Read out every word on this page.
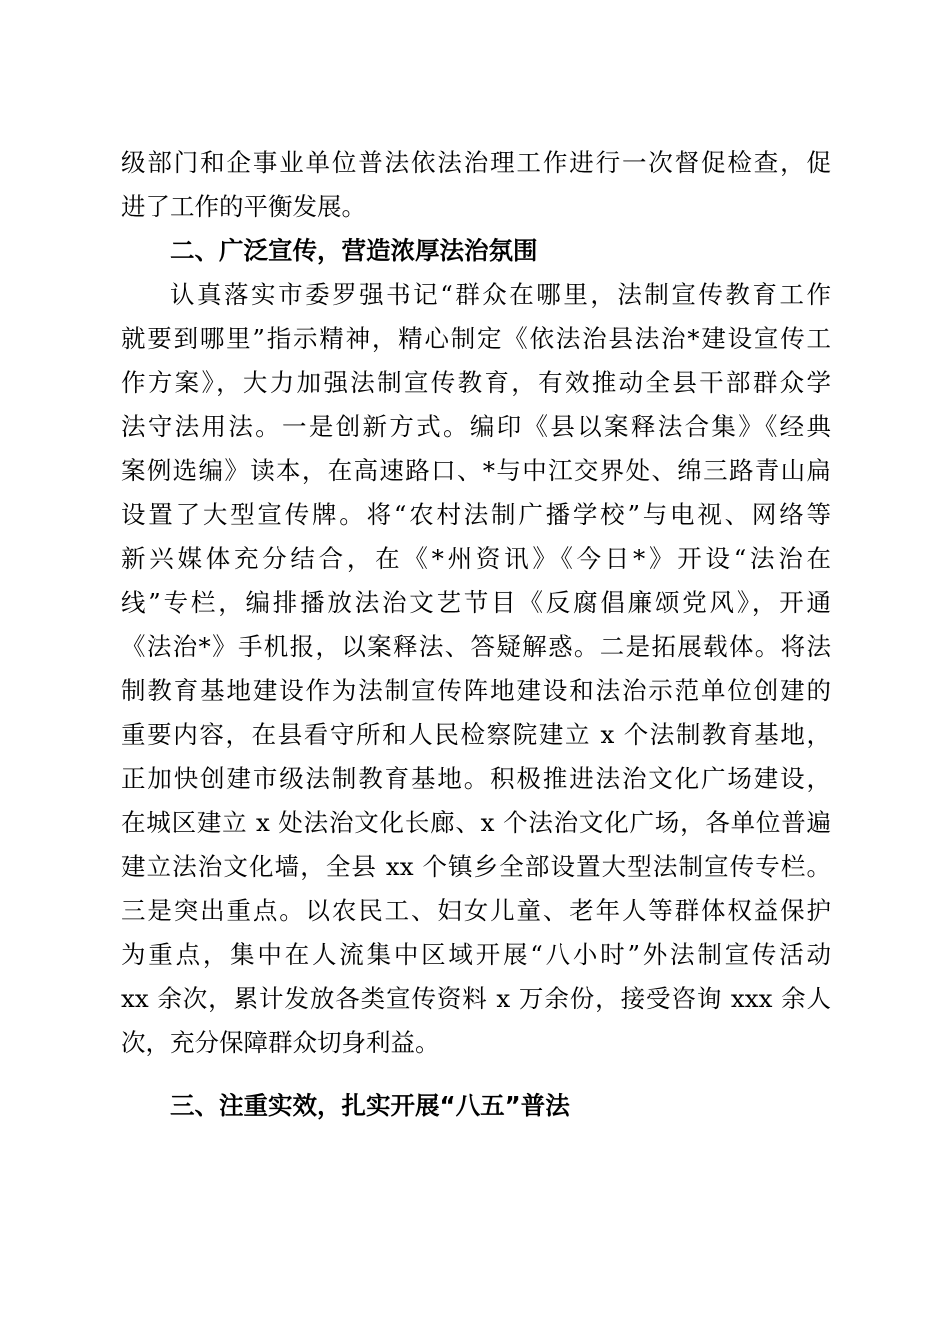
级部门和企事业单位普法依法治理工作进行一次督促检查，促
进了工作的平衡发展。
二、广泛宣传，营造浓厚法治氛围
认真落实市委罗强书记“群众在哪里，法制宣传教育工作
就要到哪里”指示精神，精心制定《依法治县法治*建设宣传工
作方案》，大力加强法制宣传教育，有效推动全县干部群众学
法守法用法。一是创新方式。编印《县以案释法合集》《经典
案例选编》读本，在高速路口、*与中江交界处、绵三路青山扁
设置了大型宣传牌。将“农村法制广播学校”与电视、网络等
新兴媒体充分结合，在《*州资讯》《今日*》开设“法治在
线”专栏，编排播放法治文艺节目《反腐倡廉颂党风》，开通
《法治*》手机报，以案释法、答疑解惑。二是拓展载体。将法
制教育基地建设作为法制宣传阵地建设和法治示范单位创建的
重要内容，在县看守所和人民检察院建立 x 个法制教育基地，
正加快创建市级法制教育基地。积极推进法治文化广场建设，
在城区建立 x 处法治文化长廊、x 个法治文化广场，各单位普遍
建立法治文化墙，全县 xx 个镇乡全部设置大型法制宣传专栏。
三是突出重点。以农民工、妇女儿童、老年人等群体权益保护
为重点，集中在人流集中区域开展“八小时”外法制宣传活动
xx 余次，累计发放各类宣传资料 x 万余份，接受咨询 xxx 余人
次，充分保障群众切身利益。
三、注重实效，扎实开展“八五”普法
